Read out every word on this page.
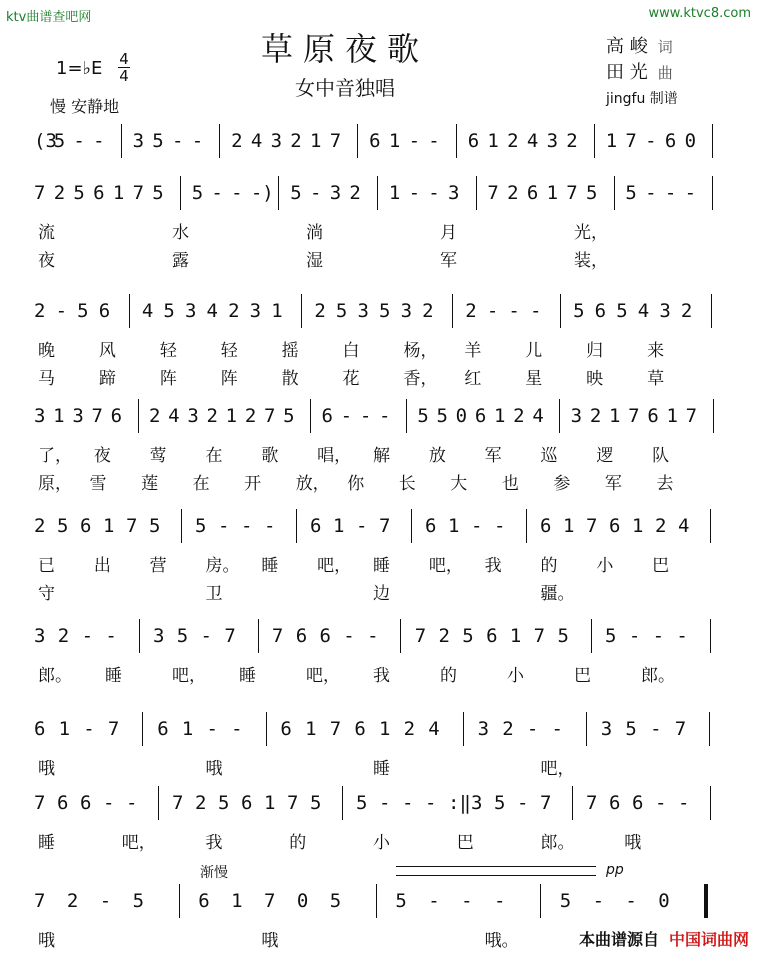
ktv曲谱查吧网	www.ktvc8.com
草原夜歌
女中音独唱
1=♭E 4
4
慢 安静地
高 峻 词
田 光 曲
jingfu 制谱
(3
5 - - 3 5 - - 2 4 3 2 1 7 6 1 - - 6 1 2 4 3 2 1 7 - 6 0
7 2 5 6 1 7 5 5 - - -) 5 - 3 2 1 - - 3 7 2 6 1 7 5 5 - - -
流	水	淌	月	光，
夜	露	湿	军	装，
2 - 5 6 4 5 3 4 2 3 1 2 5 3 5 3 2 2 - - - 5 6 5 4 3 2
晚	风	轻	轻	摇	白	杨， 羊	儿	归	来
马	蹄	阵	阵	散	花	香， 红	星	映	草
3 1 3 7 6 2 4 3 2 1 2 7 5 6 - - - 5 5 0 6 1 2 4 3 2 1 7 6 1 7
了， 夜 莺 在 歌 唱， 解 放 军 巡 逻 队
原， 雪 莲 在 开 放， 你 长 大 也 参 军 去
2 5 6 1 7 5 5 - - - 6 1 - 7 6 1 - - 6 1 7 6 1 2 4
已 出 营 房。 睡 吧， 睡 吧， 我 的 小 巴
守	卫	边	疆。
3 2 - - 3 5 - 7 7 6 6 - - 7 2 5 6 1 7 5 5 - - -
郎。 睡	吧， 睡	吧， 我	的	小	巴	郎。
6 1 - 7 6 1 - - 6 1 7 6 1 2 4 3 2 - - 3 5 - 7
哦	哦	睡	吧，
7 6 6 - - 7 2 5 6 1 7 5 5 - - - :‖ 3 5 - 7 7 6 6 - -
睡	吧，	我	的	小	巴	郎。	哦
7 2 - 5	6 1 7 0 5	5 - - -	5 - - 0
哦	哦	哦。
渐慢	pp
本曲谱源自 中国词曲网
